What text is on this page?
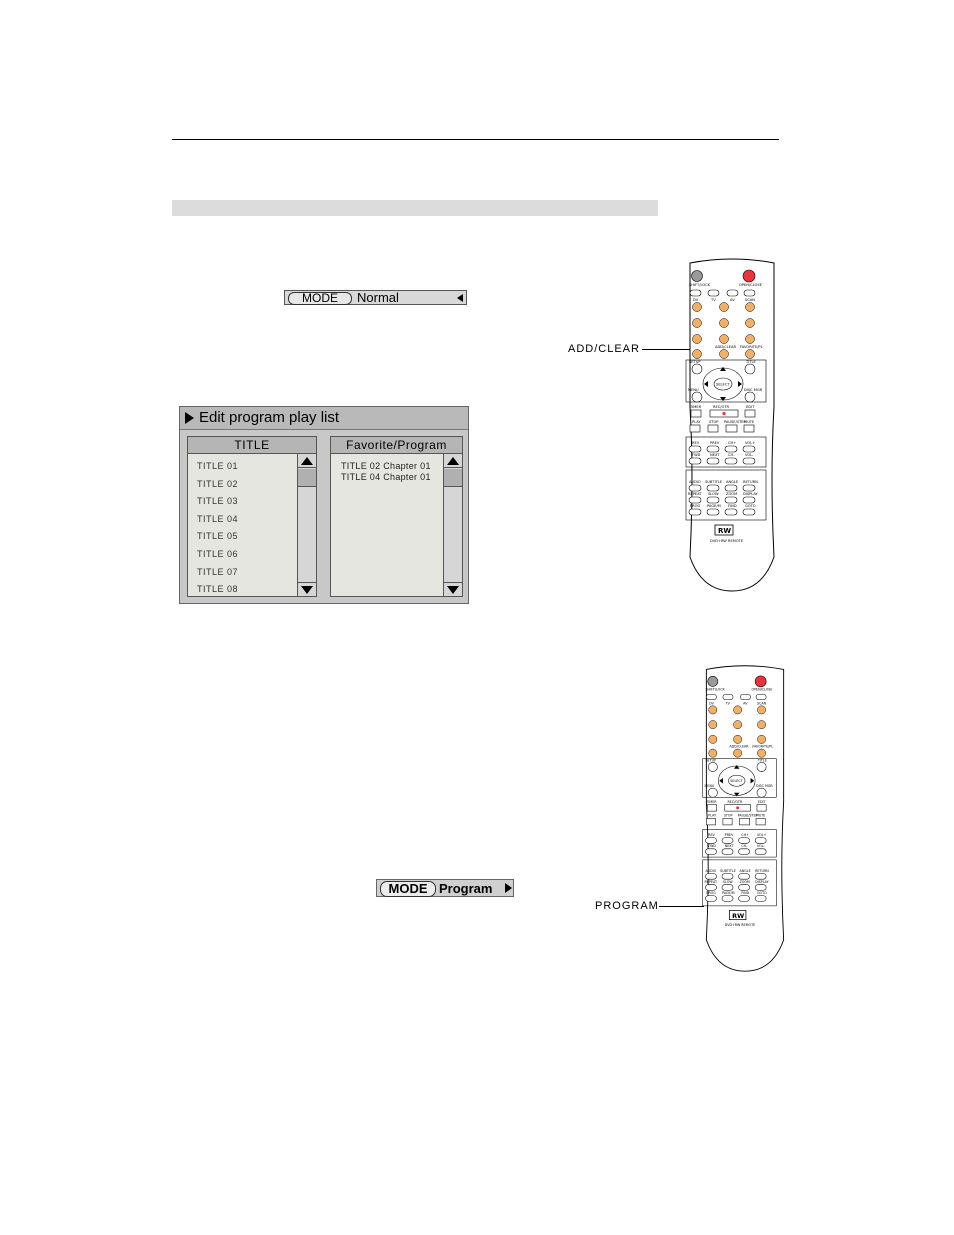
MODE	Normal
ADD/CLEAR
Edit program play list
TITLE
TITLE 01
TITLE 02
TITLE 03
TITLE 04
TITLE 05
TITLE 06
TITLE 07
TITLE 08
Favorite/Program
TITLE 02 Chapter 01
TITLE 04 Chapter 01
MODE Program
PROGRAM
SHIFT/LOCK	OPEN/CLOSE
DV	TV	AV	SCAN
ADD/CLEAR FAVORITE/PL
SETUP	TITLE
SELECT
MENU	DISC MGR
TIMER	REC/OTR	EDIT
PLAY STOP PAUSE/STEP
MUTE
REV	PREV CH+ VOL+
FWD	NEXT CH-	VOL-
AUDIO SUBTITLE ANGLE RETURN
REPEAT SLOW ZOOM DISPLAY
PROG PAGE/M FIND GOTO
RW
DVD+RW REMOTE
SHIFT/LOCK	OPEN/CLOSE
DV	TV	AV	SCAN
ADD/CLEAR FAVORITE/PL
SETUP	TITLE
SELECT
MENU	DISC MGR
TIMER	REC/OTR	EDIT
PLAY STOP PAUSE/STEP
MUTE
REV	PREV CH+ VOL+
FWD NEXT CH-	VOL-
AUDIO SUBTITLE ANGLE RETURN
REPEAT SLOW ZOOM DISPLAY
PROG PAGE/M FIND GOTO
RW
DVD+RW REMOTE
